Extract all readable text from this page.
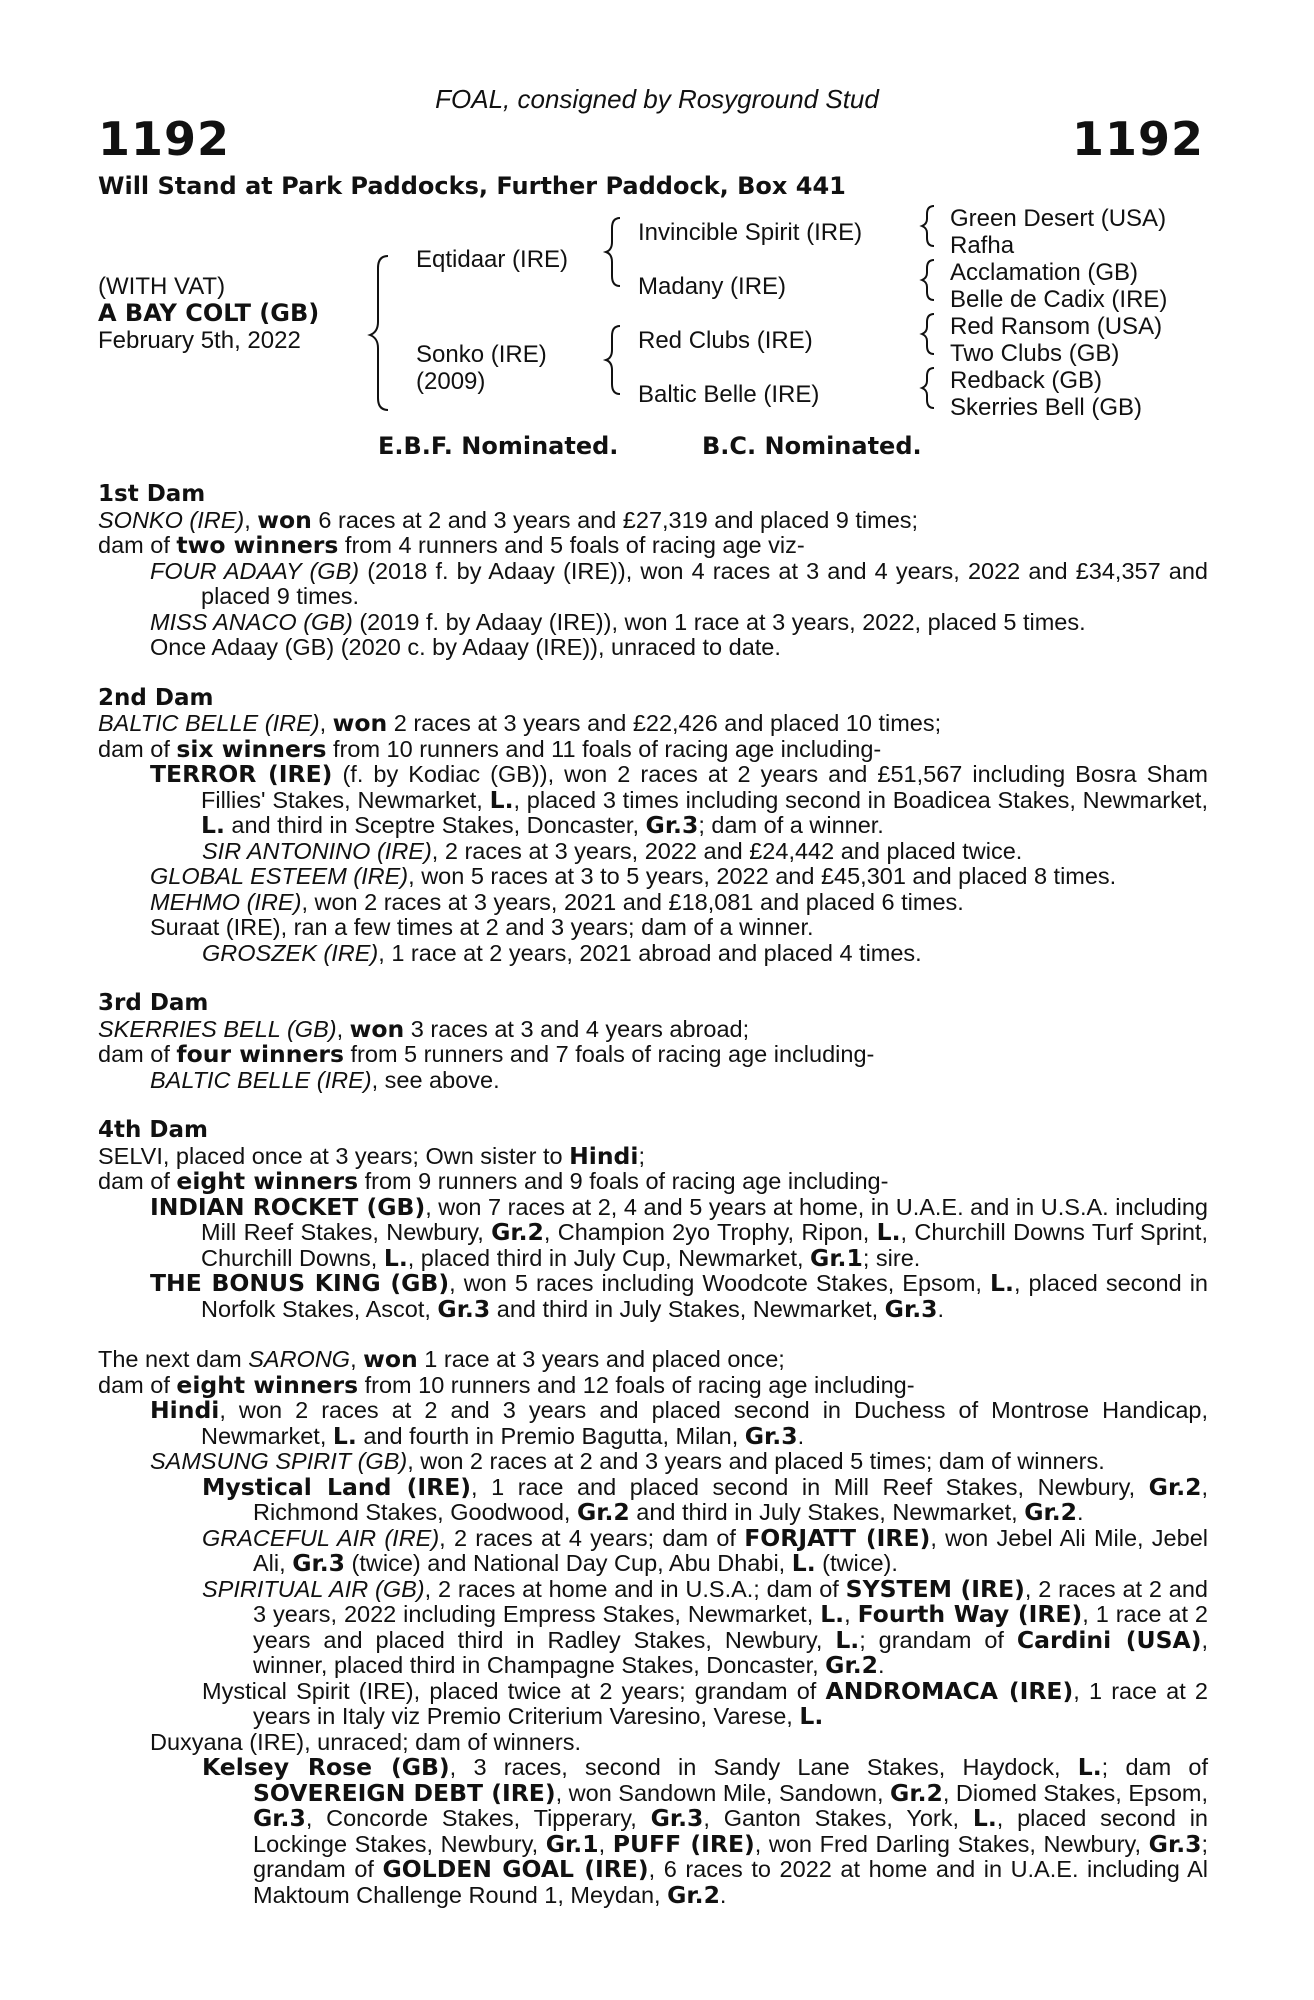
FOAL, consigned by Rosyground Stud
1192	1192
Will Stand at Park Paddocks, Further Paddock, Box 441
(WITH VAT)
A BAY COLT (GB)
February 5th, 2022
Eqtidaar (IRE)
Sonko (IRE)
(2009)
Invincible Spirit (IRE)
Madany (IRE)
Red Clubs (IRE)
Baltic Belle (IRE)
Green Desert (USA)
Rafha
Acclamation (GB)
Belle de Cadix (IRE)
Red Ransom (USA)
Two Clubs (GB)
Redback (GB)
Skerries Bell (GB)
E.B.F. Nominated.	B.C. Nominated.
1st Dam
SONKO (IRE), won 6 races at 2 and 3 years and £27,319 and placed 9 times;
dam of two winners from 4 runners and 5 foals of racing age viz-
FOUR ADAAY (GB) (2018 f. by Adaay (IRE)), won 4 races at 3 and 4 years, 2022 and £34,357 and placed 9 times.
MISS ANACO (GB) (2019 f. by Adaay (IRE)), won 1 race at 3 years, 2022, placed 5 times.
Once Adaay (GB) (2020 c. by Adaay (IRE)), unraced to date.
2nd Dam
BALTIC BELLE (IRE), won 2 races at 3 years and £22,426 and placed 10 times;
dam of six winners from 10 runners and 11 foals of racing age including-
TERROR (IRE) (f. by Kodiac (GB)), won 2 races at 2 years and £51,567 including Bosra Sham Fillies' Stakes, Newmarket, L., placed 3 times including second in Boadicea Stakes, Newmarket, L. and third in Sceptre Stakes, Doncaster, Gr.3; dam of a winner.
SIR ANTONINO (IRE), 2 races at 3 years, 2022 and £24,442 and placed twice.
GLOBAL ESTEEM (IRE), won 5 races at 3 to 5 years, 2022 and £45,301 and placed 8 times.
MEHMO (IRE), won 2 races at 3 years, 2021 and £18,081 and placed 6 times.
Suraat (IRE), ran a few times at 2 and 3 years; dam of a winner.
GROSZEK (IRE), 1 race at 2 years, 2021 abroad and placed 4 times.
3rd Dam
SKERRIES BELL (GB), won 3 races at 3 and 4 years abroad;
dam of four winners from 5 runners and 7 foals of racing age including-
BALTIC BELLE (IRE), see above.
4th Dam
SELVI, placed once at 3 years; Own sister to Hindi;
dam of eight winners from 9 runners and 9 foals of racing age including-
INDIAN ROCKET (GB), won 7 races at 2, 4 and 5 years at home, in U.A.E. and in U.S.A. including Mill Reef Stakes, Newbury, Gr.2, Champion 2yo Trophy, Ripon, L., Churchill Downs Turf Sprint, Churchill Downs, L., placed third in July Cup, Newmarket, Gr.1; sire.
THE BONUS KING (GB), won 5 races including Woodcote Stakes, Epsom, L., placed second in Norfolk Stakes, Ascot, Gr.3 and third in July Stakes, Newmarket, Gr.3.
The next dam SARONG, won 1 race at 3 years and placed once;
dam of eight winners from 10 runners and 12 foals of racing age including-
Hindi, won 2 races at 2 and 3 years and placed second in Duchess of Montrose Handicap, Newmarket, L. and fourth in Premio Bagutta, Milan, Gr.3.
SAMSUNG SPIRIT (GB), won 2 races at 2 and 3 years and placed 5 times; dam of winners.
Mystical Land (IRE), 1 race and placed second in Mill Reef Stakes, Newbury, Gr.2, Richmond Stakes, Goodwood, Gr.2 and third in July Stakes, Newmarket, Gr.2.
GRACEFUL AIR (IRE), 2 races at 4 years; dam of FORJATT (IRE), won Jebel Ali Mile, Jebel Ali, Gr.3 (twice) and National Day Cup, Abu Dhabi, L. (twice).
SPIRITUAL AIR (GB), 2 races at home and in U.S.A.; dam of SYSTEM (IRE), 2 races at 2 and 3 years, 2022 including Empress Stakes, Newmarket, L., Fourth Way (IRE), 1 race at 2 years and placed third in Radley Stakes, Newbury, L.; grandam of Cardini (USA), winner, placed third in Champagne Stakes, Doncaster, Gr.2.
Mystical Spirit (IRE), placed twice at 2 years; grandam of ANDROMACA (IRE), 1 race at 2 years in Italy viz Premio Criterium Varesino, Varese, L.
Duxyana (IRE), unraced; dam of winners.
Kelsey Rose (GB), 3 races, second in Sandy Lane Stakes, Haydock, L.; dam of SOVEREIGN DEBT (IRE), won Sandown Mile, Sandown, Gr.2, Diomed Stakes, Epsom, Gr.3, Concorde Stakes, Tipperary, Gr.3, Ganton Stakes, York, L., placed second in Lockinge Stakes, Newbury, Gr.1, PUFF (IRE), won Fred Darling Stakes, Newbury, Gr.3; grandam of GOLDEN GOAL (IRE), 6 races to 2022 at home and in U.A.E. including Al Maktoum Challenge Round 1, Meydan, Gr.2.
